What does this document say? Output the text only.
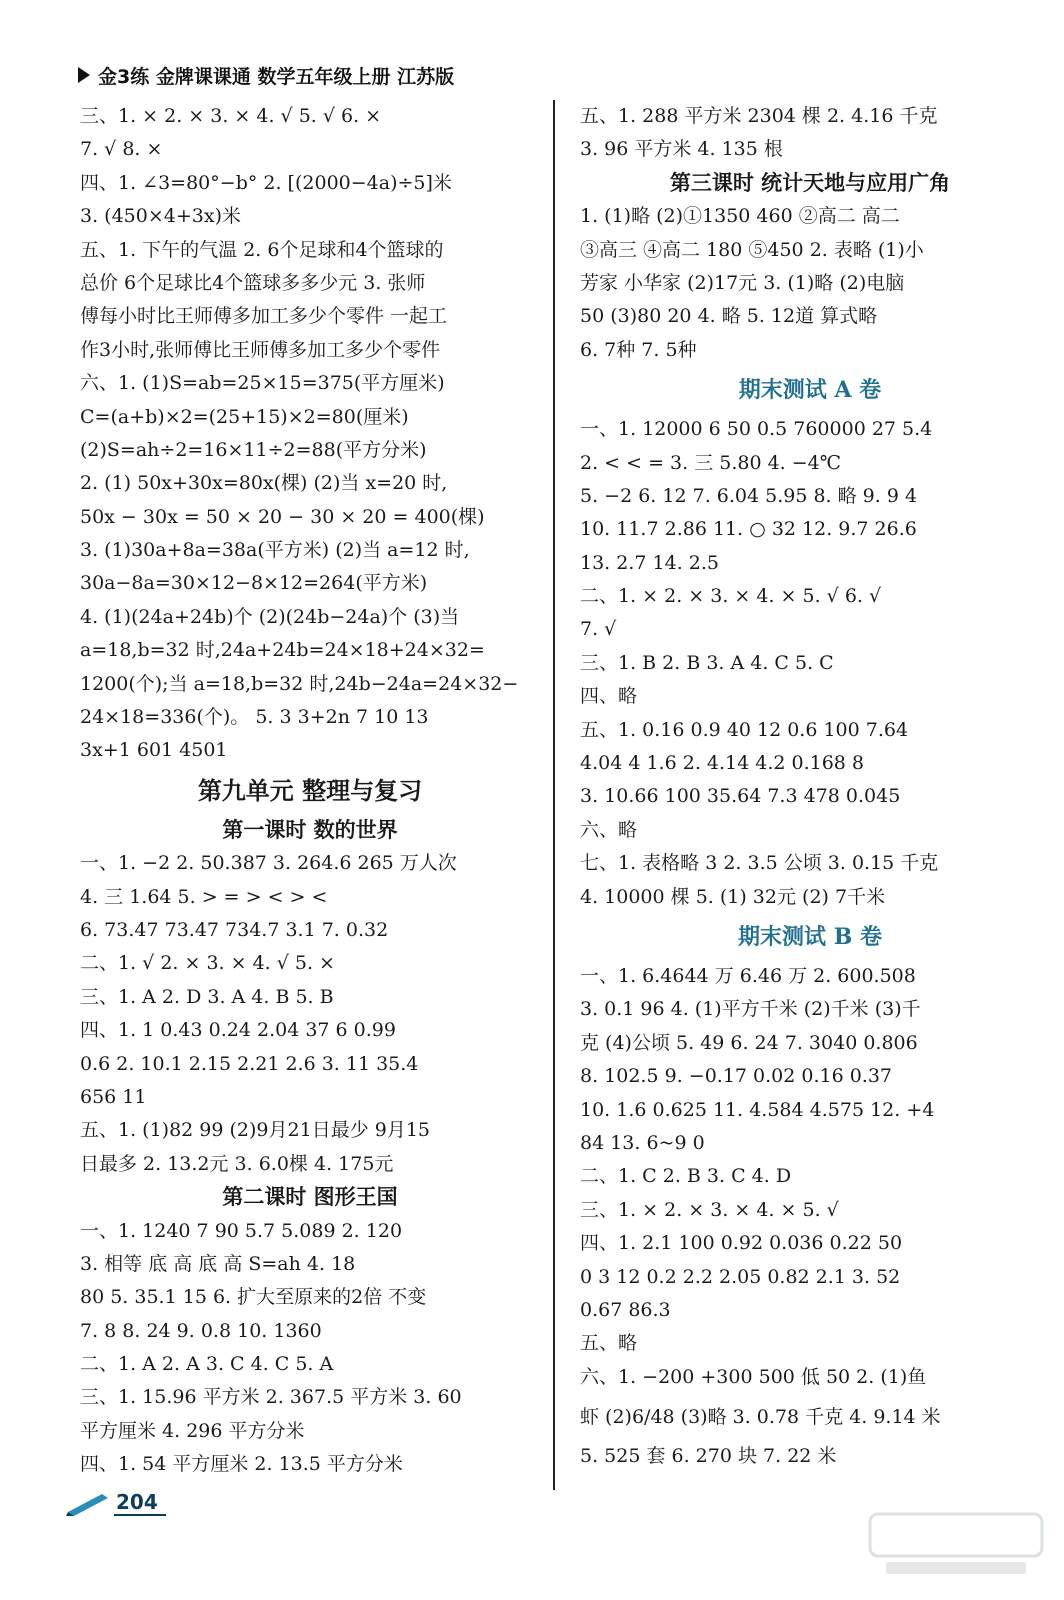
金3练 金牌课课通 数学五年级上册 江苏版
三、1. × 2. × 3. × 4. √ 5. √ 6. ×
7. √ 8. ×
四、1. ∠3=80°−b° 2. [(2000−4a)÷5]米
3. (450×4+3x)米
五、1. 下午的气温 2. 6个足球和4个篮球的
总价 6个足球比4个篮球多多少元 3. 张师
傅每小时比王师傅多加工多少个零件 一起工
作3小时,张师傅比王师傅多加工多少个零件
六、1. (1)S=ab=25×15=375(平方厘米)
C=(a+b)×2=(25+15)×2=80(厘米)
(2)S=ah÷2=16×11÷2=88(平方分米)
2. (1) 50x+30x=80x(棵) (2)当 x=20 时,
50x − 30x = 50 × 20 − 30 × 20 = 400(棵)
3. (1)30a+8a=38a(平方米) (2)当 a=12 时,
30a−8a=30×12−8×12=264(平方米)
4. (1)(24a+24b)个 (2)(24b−24a)个 (3)当
a=18,b=32 时,24a+24b=24×18+24×32=
1200(个);当 a=18,b=32 时,24b−24a=24×32−
24×18=336(个)。 5. 3 3+2n 7 10 13
3x+1 601 4501
第九单元 整理与复习
第一课时 数的世界
一、1. −2 2. 50.387 3. 264.6 265 万人次
4. 三 1.64 5. > = > < > <
6. 73.47 73.47 734.7 3.1 7. 0.32
二、1. √ 2. × 3. × 4. √ 5. ×
三、1. A 2. D 3. A 4. B 5. B
四、1. 1 0.43 0.24 2.04 37 6 0.99
0.6 2. 10.1 2.15 2.21 2.6 3. 11 35.4
656 11
五、1. (1)82 99 (2)9月21日最少 9月15
日最多 2. 13.2元 3. 6.0棵 4. 175元
第二课时 图形王国
一、1. 1240 7 90 5.7 5.089 2. 120
3. 相等 底 高 底 高 S=ah 4. 18
80 5. 35.1 15 6. 扩大至原来的2倍 不变
7. 8 8. 24 9. 0.8 10. 1360
二、1. A 2. A 3. C 4. C 5. A
三、1. 15.96 平方米 2. 367.5 平方米 3. 60
平方厘米 4. 296 平方分米
四、1. 54 平方厘米 2. 13.5 平方分米
五、1. 288 平方米 2304 棵 2. 4.16 千克
3. 96 平方米 4. 135 根
第三课时 统计天地与应用广角
1. (1)略 (2)①1350 460 ②高二 高二
③高三 ④高二 180 ⑤450 2. 表略 (1)小
芳家 小华家 (2)17元 3. (1)略 (2)电脑
50 (3)80 20 4. 略 5. 12道 算式略
6. 7种 7. 5种
期末测试 A 卷
一、1. 12000 6 50 0.5 760000 27 5.4
2. < < = 3. 三 5.80 4. −4℃
5. −2 6. 12 7. 6.04 5.95 8. 略 9. 9 4
10. 11.7 2.86 11. ○ 32 12. 9.7 26.6
13. 2.7 14. 2.5
二、1. × 2. × 3. × 4. × 5. √ 6. √
7. √
三、1. B 2. B 3. A 4. C 5. C
四、略
五、1. 0.16 0.9 40 12 0.6 100 7.64
4.04 4 1.6 2. 4.14 4.2 0.168 8
3. 10.66 100 35.64 7.3 478 0.045
六、略
七、1. 表格略 3 2. 3.5 公顷 3. 0.15 千克
4. 10000 棵 5. (1) 32元 (2) 7千米
期末测试 B 卷
一、1. 6.4644 万 6.46 万 2. 600.508
3. 0.1 96 4. (1)平方千米 (2)千米 (3)千
克 (4)公顷 5. 49 6. 24 7. 3040 0.806
8. 102.5 9. −0.17 0.02 0.16 0.37
10. 1.6 0.625 11. 4.584 4.575 12. +4
84 13. 6~9 0
二、1. C 2. B 3. C 4. D
三、1. × 2. × 3. × 4. × 5. √
四、1. 2.1 100 0.92 0.036 0.22 50
0 3 12 0.2 2.2 2.05 0.82 2.1 3. 52
0.67 86.3
五、略
六、1. −200 +300 500 低 50 2. (1)鱼
虾 (2)6/48 (3)略 3. 0.78 千克 4. 9.14 米
5. 525 套 6. 270 块 7. 22 米
204
